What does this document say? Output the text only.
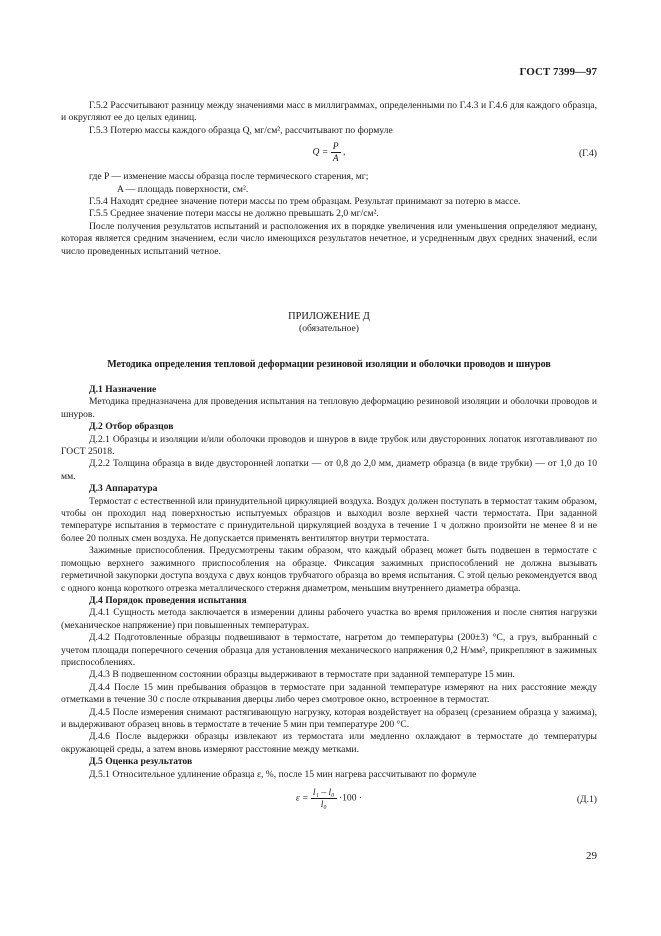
ГОСТ 7399—97

Г.5.2 Рассчитывают разницу между значениями масс в миллиграммах, определенными по Г.4.3 и Г.4.6 для каждого образца, и округляют ее до целых единиц.

Г.5.3 Потерю массы каждого образца Q, мг/см², рассчитывают по формуле

$Q = \frac{P}{A}$ ,	(Г.4)

где P — изменение массы образца после термического старения, мг;

A — площадь поверхности, см².

Г.5.4 Находят среднее значение потери массы по трем образцам. Результат принимают за потерю в массе.

Г.5.5 Среднее значение потери массы не должно превышать 2,0 мг/см².

После получения результатов испытаний и расположения их в порядке увеличения или уменьшения определяют медиану, которая является средним значением, если число имеющихся результатов нечетное, и усредненным двух средних значений, если число проведенных испытаний четное.

ПРИЛОЖЕНИЕ Д
(обязательное)
Методика определения тепловой деформации резиновой изоляции и оболочки проводов и шнуров

Д.1 Назначение

Методика предназначена для проведения испытания на тепловую деформацию резиновой изоляции и оболочки проводов и шнуров.

Д.2 Отбор образцов

Д.2.1 Образцы и изоляции и/или оболочки проводов и шнуров в виде трубок или двусторонних лопаток изготавливают по ГОСТ 25018.

Д.2.2 Толщина образца в виде двусторонней лопатки — от 0,8 до 2,0 мм, диаметр образца (в виде трубки) — от 1,0 до 10 мм.

Д.3 Аппаратура

Термостат с естественной или принудительной циркуляцией воздуха. Воздух должен поступать в термостат таким образом, чтобы он проходил над поверхностью испытуемых образцов и выходил возле верхней части термостата. При заданной температуре испытания в термостате с принудительной циркуляцией воздуха в течение 1 ч должно произойти не менее 8 и не более 20 полных смен воздуха. Не допускается применять вентилятор внутри термостата.

Зажимные приспособления. Предусмотрены таким образом, что каждый образец может быть подвешен в термостате с помощью верхнего зажимного приспособления на образце. Фиксация зажимных приспособлений не должна вызывать герметичной закупорки доступа воздуха с двух концов трубчатого образца во время испытания. С этой целью рекомендуется ввод с одного конца короткого отрезка металлического стержня диаметром, меньшим внутреннего диаметра образца.

Д.4 Порядок проведения испытания

Д.4.1 Сущность метода заключается в измерении длины рабочего участка во время приложения и после снятия нагрузки (механическое напряжение) при повышенных температурах.

Д.4.2 Подготовленные образцы подвешивают в термостате, нагретом до температуры (200±3) °С, а груз, выбранный с учетом площади поперечного сечения образца для установления механического напряжения 0,2 Н/мм², прикрепляют в зажимных приспособлениях.

Д.4.3 В подвешенном состоянии образцы выдерживают в термостате при заданной температуре 15 мин.

Д.4.4 После 15 мин пребывания образцов в термостате при заданной температуре измеряют на них расстояние между отметками в течение 30 с после открывания дверцы либо через смотровое окно, встроенное в термостат.

Д.4.5 После измерения снимают растягивающую нагрузку, которая воздействует на образец (срезанием образца у зажима), и выдерживают образец вновь в термостате в течение 5 мин при температуре 200 °С.

Д.4.6 После выдержки образцы извлекают из термостата или медленно охлаждают в термостате до температуры окружающей среды, а затем вновь измеряют расстояние между метками.

Д.5 Оценка результатов

Д.5.1 Относительное удлинение образца ε, %, после 15 мин нагрева рассчитывают по формуле

$\varepsilon = \frac{\text{l₁ – l₀}}{\text{l₀}} \cdot 100$ ·	(Д.1)
29
